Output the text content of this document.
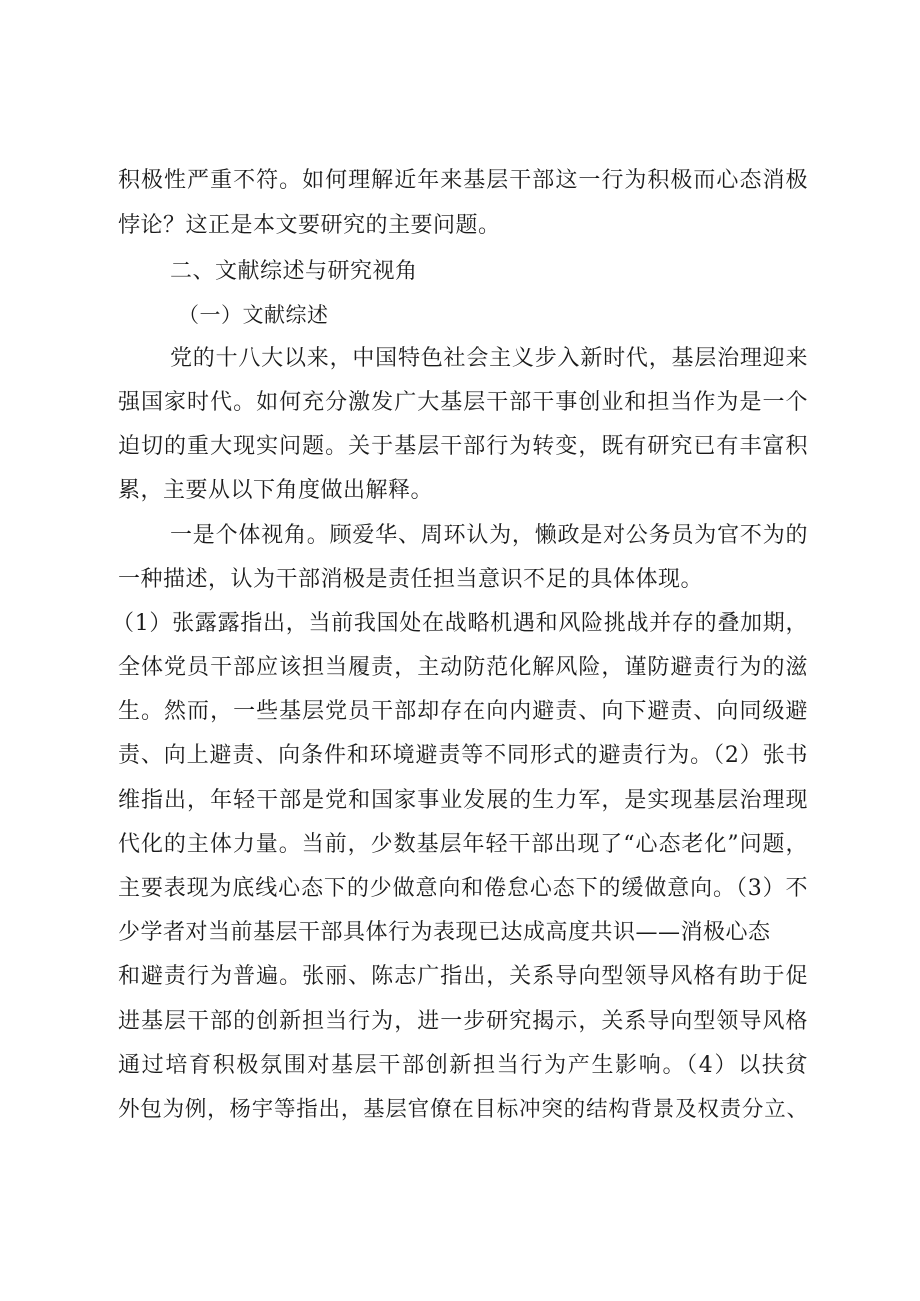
积极性严重不符。如何理解近年来基层干部这一行为积极而心态消极
悖论？这正是本文要研究的主要问题。
二、文献综述与研究视角
（一）文献综述
党的十八大以来，中国特色社会主义步入新时代，基层治理迎来
强国家时代。如何充分激发广大基层干部干事创业和担当作为是一个
迫切的重大现实问题。关于基层干部行为转变，既有研究已有丰富积
累，主要从以下角度做出解释。
一是个体视角。顾爱华、周环认为，懒政是对公务员为官不为的
一种描述，认为干部消极是责任担当意识不足的具体体现。
（1）张露露指出，当前我国处在战略机遇和风险挑战并存的叠加期，
全体党员干部应该担当履责，主动防范化解风险，谨防避责行为的滋
生。然而，一些基层党员干部却存在向内避责、向下避责、向同级避
责、向上避责、向条件和环境避责等不同形式的避责行为。（2）张书
维指出，年轻干部是党和国家事业发展的生力军，是实现基层治理现
代化的主体力量。当前，少数基层年轻干部出现了“心态老化”问题，
主要表现为底线心态下的少做意向和倦怠心态下的缓做意向。（3）不
少学者对当前基层干部具体行为表现已达成高度共识——消极心态
和避责行为普遍。张丽、陈志广指出，关系导向型领导风格有助于促
进基层干部的创新担当行为，进一步研究揭示，关系导向型领导风格
通过培育积极氛围对基层干部创新担当行为产生影响。（4）以扶贫
外包为例，杨宇等指出，基层官僚在目标冲突的结构背景及权责分立、
